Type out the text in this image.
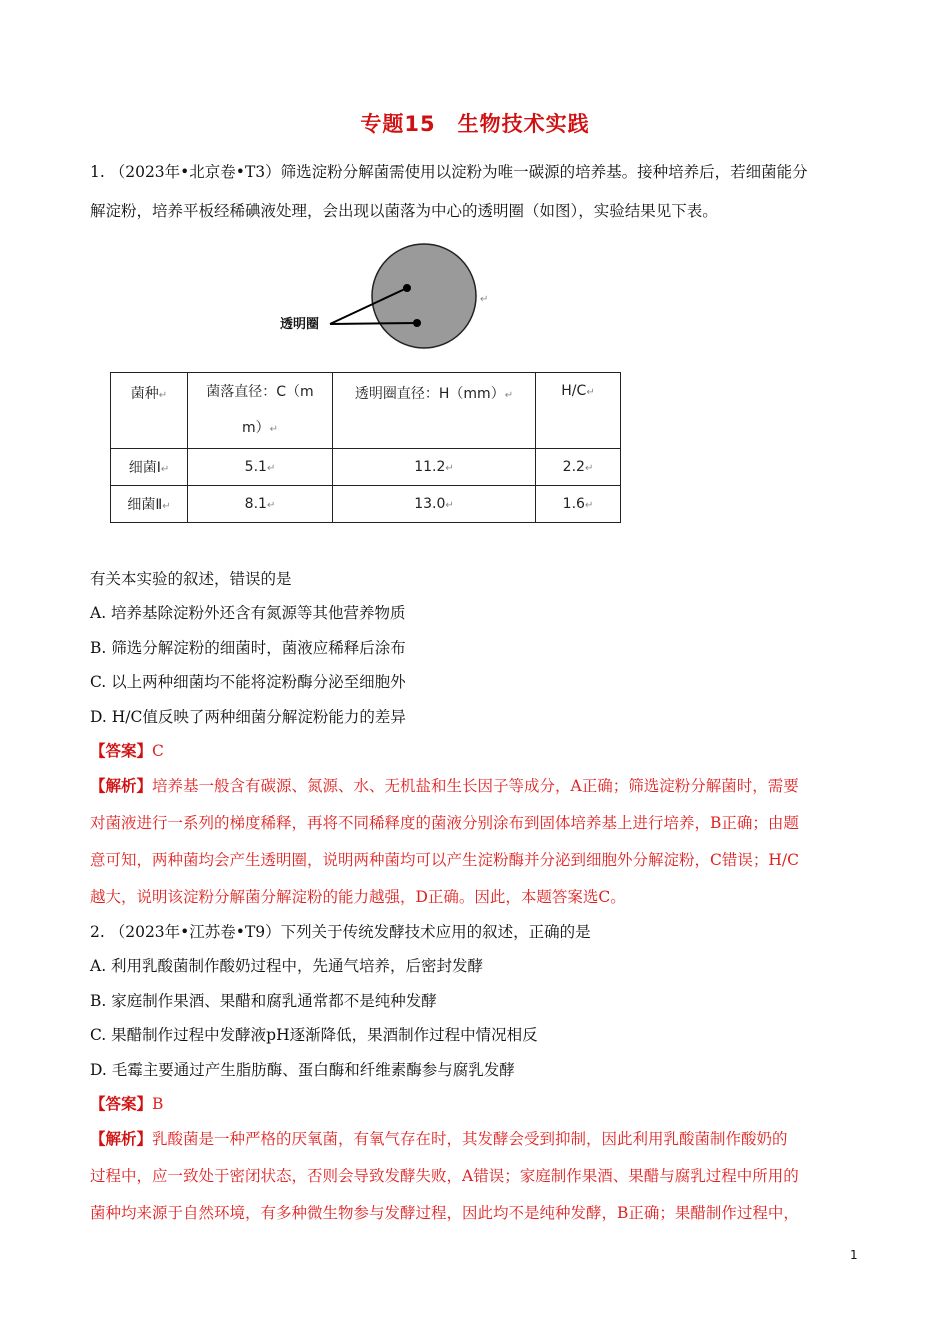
专题15　生物技术实践
1. （2023年•北京卷•T3）筛选淀粉分解菌需使用以淀粉为唯一碳源的培养基。接种培养后，若细菌能分
解淀粉，培养平板经稀碘液处理，会出现以菌落为中心的透明圈（如图），实验结果见下表。
透明圈
↵
菌种↵	菌落直径：C（m
m）↵	透明圈直径：H（mm）↵	H/C↵
细菌Ⅰ↵	5.1↵	11.2↵	2.2↵
细菌Ⅱ↵	8.1↵	13.0↵	1.6↵
有关本实验的叙述，错误的是
A. 培养基除淀粉外还含有氮源等其他营养物质
B. 筛选分解淀粉的细菌时，菌液应稀释后涂布
C. 以上两种细菌均不能将淀粉酶分泌至细胞外
D. H/C值反映了两种细菌分解淀粉能力的差异
【答案】C
【解析】培养基一般含有碳源、氮源、水、无机盐和生长因子等成分，A正确；筛选淀粉分解菌时，需要
对菌液进行一系列的梯度稀释，再将不同稀释度的菌液分别涂布到固体培养基上进行培养，B正确；由题
意可知，两种菌均会产生透明圈，说明两种菌均可以产生淀粉酶并分泌到细胞外分解淀粉，C错误；H/C
越大，说明该淀粉分解菌分解淀粉的能力越强，D正确。因此，本题答案选C。
2. （2023年•江苏卷•T9）下列关于传统发酵技术应用的叙述，正确的是
A. 利用乳酸菌制作酸奶过程中，先通气培养，后密封发酵
B. 家庭制作果酒、果醋和腐乳通常都不是纯种发酵
C. 果醋制作过程中发酵液pH逐渐降低，果酒制作过程中情况相反
D. 毛霉主要通过产生脂肪酶、蛋白酶和纤维素酶参与腐乳发酵
【答案】B
【解析】乳酸菌是一种严格的厌氧菌，有氧气存在时，其发酵会受到抑制，因此利用乳酸菌制作酸奶的
过程中，应一致处于密闭状态，否则会导致发酵失败，A错误；家庭制作果酒、果醋与腐乳过程中所用的
菌种均来源于自然环境，有多种微生物参与发酵过程，因此均不是纯种发酵，B正确；果醋制作过程中，
1
